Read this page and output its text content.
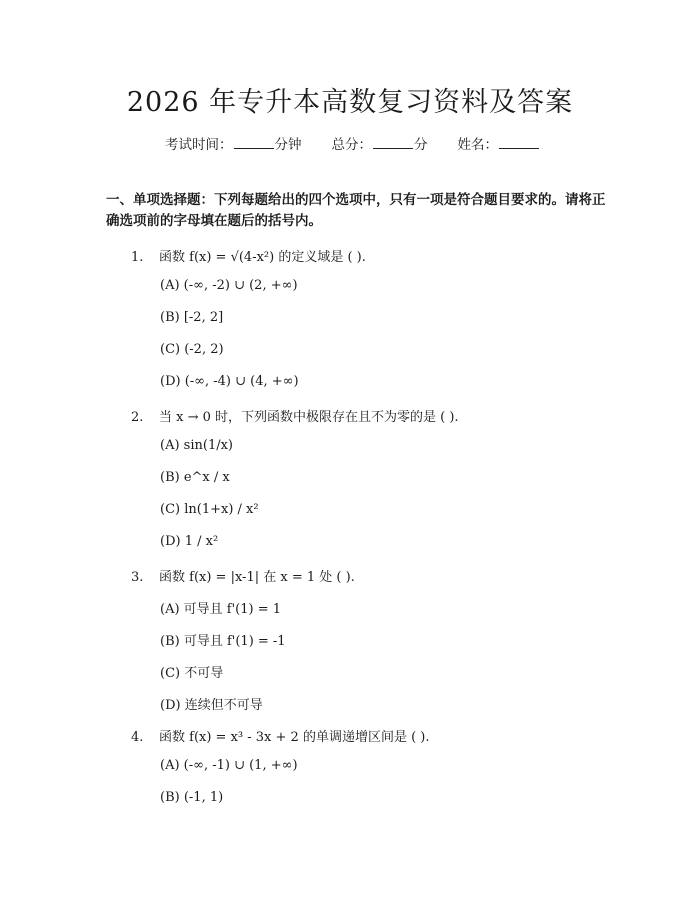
2026 年专升本高数复习资料及答案
考试时间：	分钟 总分：	分 姓名：
一、单项选择题：下列每题给出的四个选项中，只有一项是符合题目要求的。请将正确选项前的字母填在题后的括号内。
1. 函数 f(x) = √(4-x²) 的定义域是 ( ).
(A) (-∞, -2) ∪ (2, +∞)
(B) [-2, 2]
(C) (-2, 2)
(D) (-∞, -4) ∪ (4, +∞)
2. 当 x → 0 时，下列函数中极限存在且不为零的是 ( ).
(A) sin(1/x)
(B) e^x / x
(C) ln(1+x) / x²
(D) 1 / x²
3. 函数 f(x) = |x-1| 在 x = 1 处 ( ).
(A) 可导且 f'(1) = 1
(B) 可导且 f'(1) = -1
(C) 不可导
(D) 连续但不可导
4. 函数 f(x) = x³ - 3x + 2 的单调递增区间是 ( ).
(A) (-∞, -1) ∪ (1, +∞)
(B) (-1, 1)
